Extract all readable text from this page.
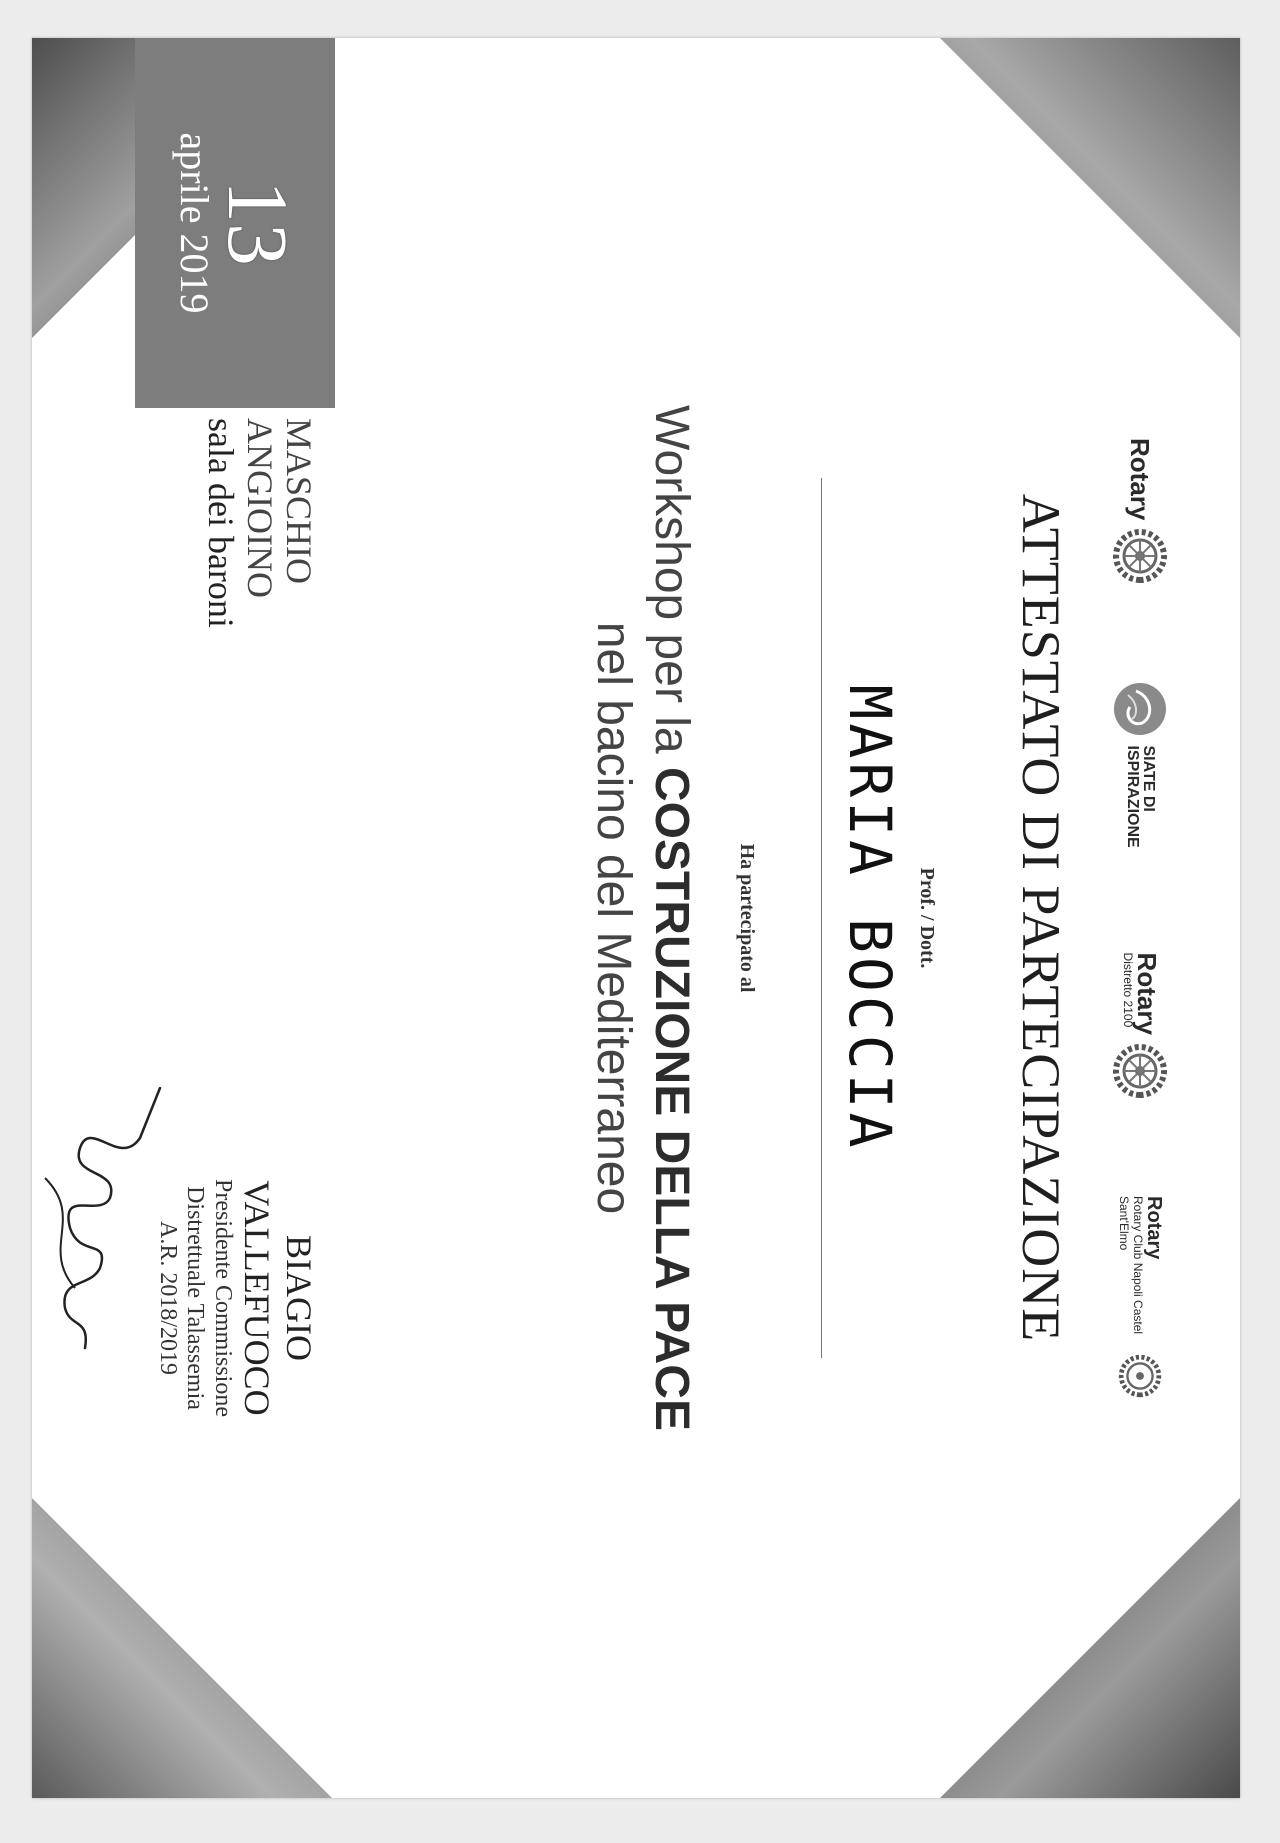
Rotary
SIATE DI ISPIRAZIONE
Rotary
Distretto 2100
Rotary
Rotary Club Napoli Castel Sant'Elmo
ATTESTATO DI PARTECIPAZIONE
Prof. / Dott.
MARIA BOCCIA
Ha partecipato al
Workshop per la COSTRUZIONE DELLA PACE
nel bacino del Mediterraneo
13
aprile 2019
MASCHIO
ANGIOINO
sala dei baroni
BIAGIO VALLEFUOCO
Presidente Commissione
Distrettuale Talassemia
A.R. 2018/2019
